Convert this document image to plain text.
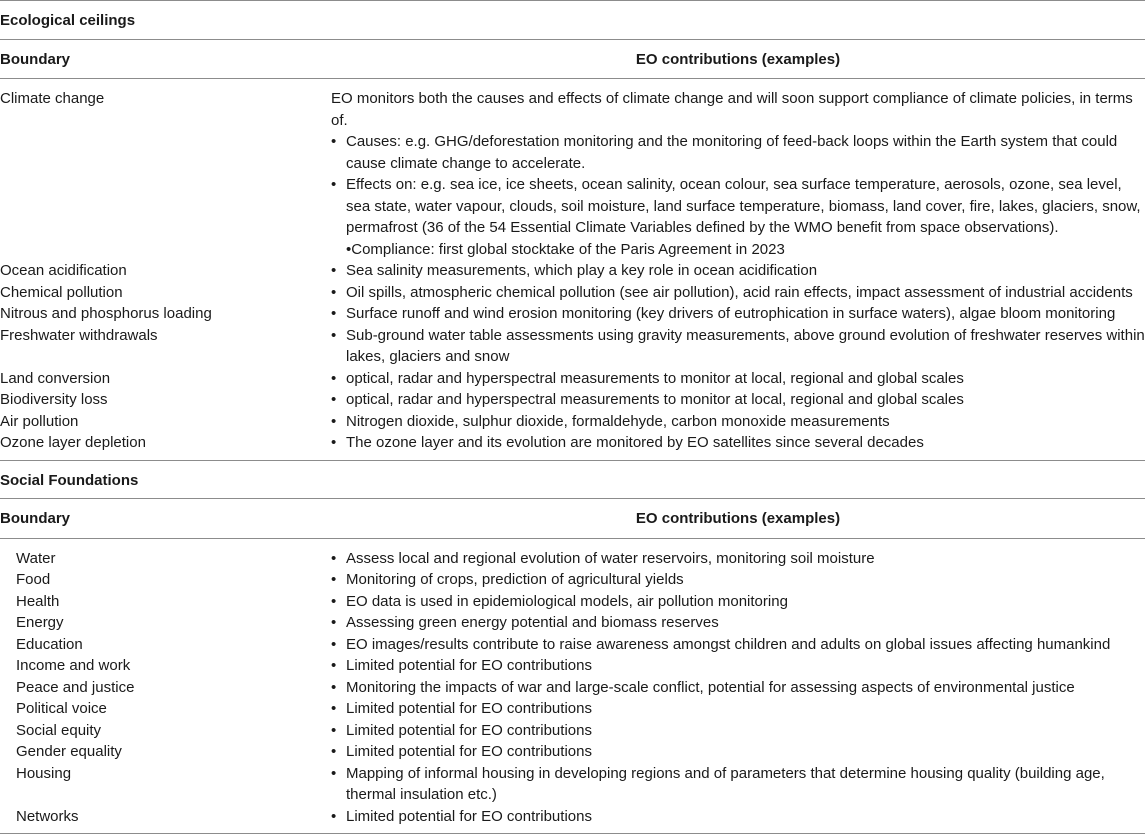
Ecological ceilings
Boundary	EO contributions (examples)
Climate change	EO monitors both the causes and effects of climate change and will soon support compliance of climate policies, in terms of.
• Causes: e.g. GHG/deforestation monitoring and the monitoring of feed-back loops within the Earth system that could cause climate change to accelerate.
• Effects on: e.g. sea ice, ice sheets, ocean salinity, ocean colour, sea surface temperature, aerosols, ozone, sea level, sea state, water vapour, clouds, soil moisture, land surface temperature, biomass, land cover, fire, lakes, glaciers, snow, permafrost (36 of the 54 Essential Climate Variables defined by the WMO benefit from space observations). •Compliance: first global stocktake of the Paris Agreement in 2023
Ocean acidification	• Sea salinity measurements, which play a key role in ocean acidification
Chemical pollution	• Oil spills, atmospheric chemical pollution (see air pollution), acid rain effects, impact assessment of industrial accidents
Nitrous and phosphorus loading	• Surface runoff and wind erosion monitoring (key drivers of eutrophication in surface waters), algae bloom monitoring
Freshwater withdrawals	• Sub-ground water table assessments using gravity measurements, above ground evolution of freshwater reserves within lakes, glaciers and snow
Land conversion	• optical, radar and hyperspectral measurements to monitor at local, regional and global scales
Biodiversity loss	• optical, radar and hyperspectral measurements to monitor at local, regional and global scales
Air pollution	• Nitrogen dioxide, sulphur dioxide, formaldehyde, carbon monoxide measurements
Ozone layer depletion	• The ozone layer and its evolution are monitored by EO satellites since several decades
Social Foundations
Boundary	EO contributions (examples)
Water	• Assess local and regional evolution of water reservoirs, monitoring soil moisture
Food	• Monitoring of crops, prediction of agricultural yields
Health	• EO data is used in epidemiological models, air pollution monitoring
Energy	• Assessing green energy potential and biomass reserves
Education	• EO images/results contribute to raise awareness amongst children and adults on global issues affecting humankind
Income and work	• Limited potential for EO contributions
Peace and justice	• Monitoring the impacts of war and large-scale conflict, potential for assessing aspects of environmental justice
Political voice	• Limited potential for EO contributions
Social equity	• Limited potential for EO contributions
Gender equality	• Limited potential for EO contributions
Housing	• Mapping of informal housing in developing regions and of parameters that determine housing quality (building age, thermal insulation etc.)
Networks	• Limited potential for EO contributions
